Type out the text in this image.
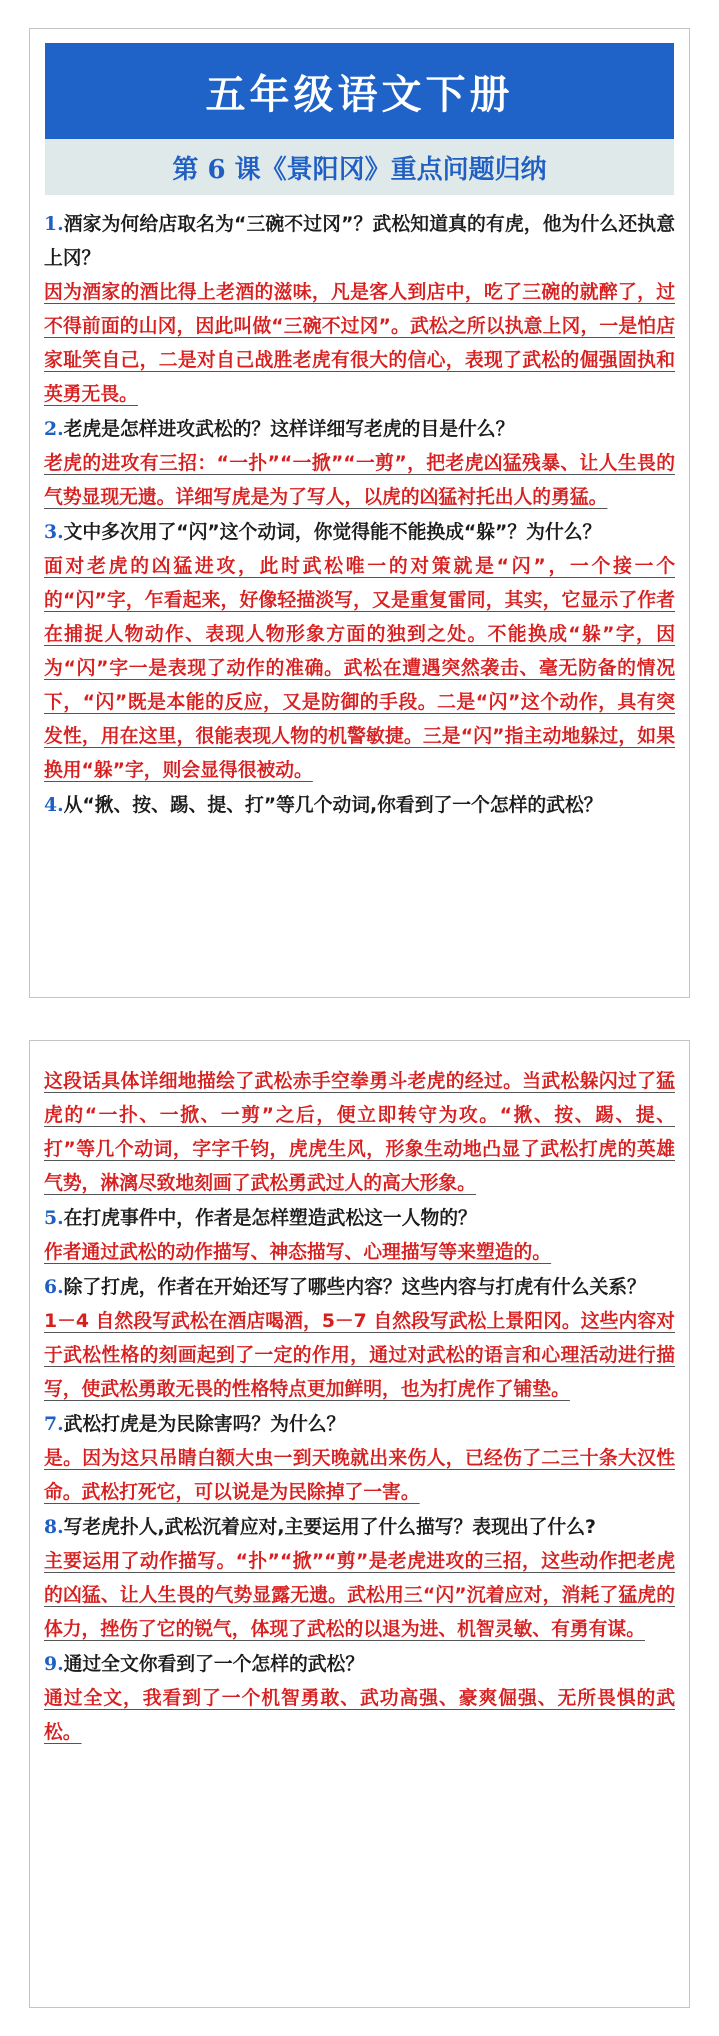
五年级语文下册
第 6 课《景阳冈》重点问题归纳

1.酒家为何给店取名为“三碗不过冈”？武松知道真的有虎，他为什么还执意上冈？

因为酒家的酒比得上老酒的滋味，凡是客人到店中，吃了三碗的就醉了，过不得前面的山冈，因此叫做“三碗不过冈”。武松之所以执意上冈，一是怕店家耻笑自己，二是对自己战胜老虎有很大的信心，表现了武松的倔强固执和英勇无畏。

2.老虎是怎样进攻武松的？这样详细写老虎的目是什么？

老虎的进攻有三招：“一扑”“一掀”“一剪”，把老虎凶猛残暴、让人生畏的气势显现无遗。详细写虎是为了写人，以虎的凶猛衬托出人的勇猛。

3.文中多次用了“闪”这个动词，你觉得能不能换成“躲”？为什么？

面对老虎的凶猛进攻，此时武松唯一的对策就是“闪”，一个接一个的“闪”字，乍看起来，好像轻描淡写，又是重复雷同，其实，它显示了作者在捕捉人物动作、表现人物形象方面的独到之处。不能换成“躲”字，因为“闪”字一是表现了动作的准确。武松在遭遇突然袭击、毫无防备的情况下，“闪”既是本能的反应，又是防御的手段。二是“闪”这个动作，具有突发性，用在这里，很能表现人物的机警敏捷。三是“闪”指主动地躲过，如果换用“躲”字，则会显得很被动。

4.从“揪、按、踢、提、打”等几个动词,你看到了一个怎样的武松？

这段话具体详细地描绘了武松赤手空拳勇斗老虎的经过。当武松躲闪过了猛虎的“一扑、一掀、一剪”之后，便立即转守为攻。“揪、按、踢、提、打”等几个动词，字字千钧，虎虎生风，形象生动地凸显了武松打虎的英雄气势，淋漓尽致地刻画了武松勇武过人的高大形象。

5.在打虎事件中，作者是怎样塑造武松这一人物的？

作者通过武松的动作描写、神态描写、心理描写等来塑造的。

6.除了打虎，作者在开始还写了哪些内容？这些内容与打虎有什么关系？

1－4 自然段写武松在酒店喝酒，5－7 自然段写武松上景阳冈。这些内容对于武松性格的刻画起到了一定的作用，通过对武松的语言和心理活动进行描写，使武松勇敢无畏的性格特点更加鲜明，也为打虎作了铺垫。

7.武松打虎是为民除害吗？为什么？

是。因为这只吊睛白额大虫一到天晚就出来伤人，已经伤了二三十条大汉性命。武松打死它，可以说是为民除掉了一害。

8.写老虎扑人,武松沉着应对,主要运用了什么描写？表现出了什么?

主要运用了动作描写。“扑”“掀”“剪”是老虎进攻的三招，这些动作把老虎的凶猛、让人生畏的气势显露无遗。武松用三“闪”沉着应对，消耗了猛虎的体力，挫伤了它的锐气，体现了武松的以退为进、机智灵敏、有勇有谋。

9.通过全文你看到了一个怎样的武松？

通过全文，我看到了一个机智勇敢、武功高强、豪爽倔强、无所畏惧的武松。
